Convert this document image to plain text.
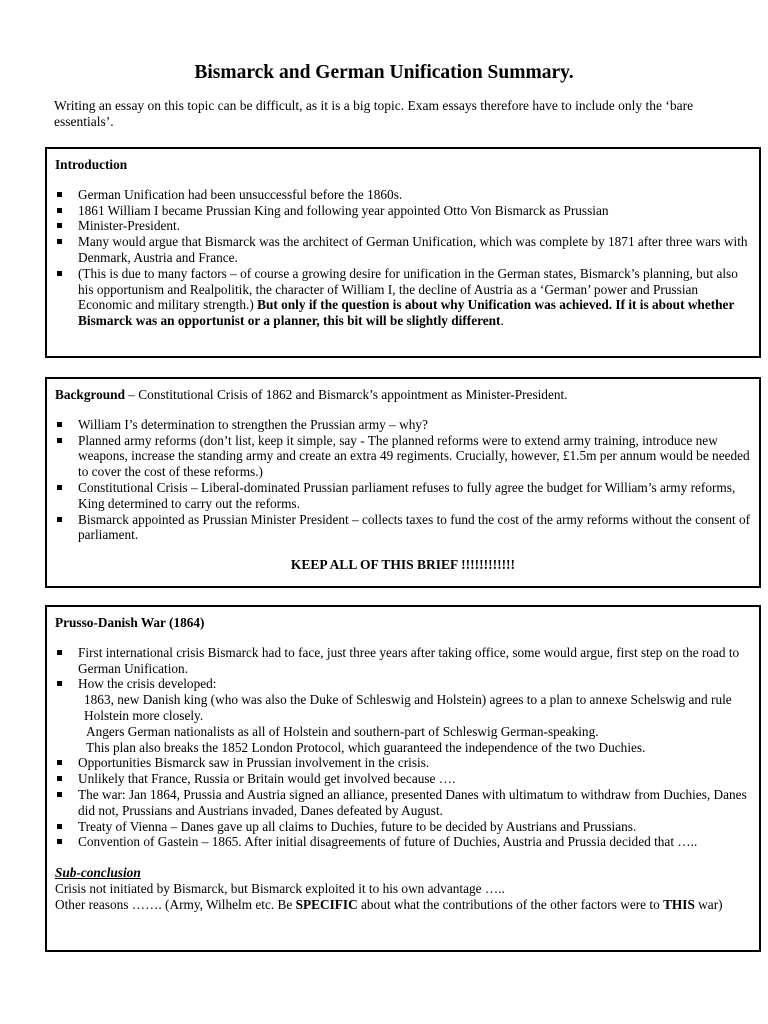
Bismarck and German Unification Summary.
Writing an essay on this topic can be difficult, as it is a big topic. Exam essays therefore have to include only the ‘bare essentials’.
Introduction
German Unification had been unsuccessful before the 1860s.
1861 William I became Prussian King and following year appointed Otto Von Bismarck as Prussian
Minister-President.
Many would argue that Bismarck was the architect of German Unification, which was complete by 1871 after three wars with Denmark, Austria and France.
(This is due to many factors – of course a growing desire for unification in the German states, Bismarck’s planning, but also his opportunism and Realpolitik, the character of William I, the decline of Austria as a ‘German’ power and Prussian Economic and military strength.) But only if the question is about why Unification was achieved. If it is about whether Bismarck was an opportunist or a planner, this bit will be slightly different.
Background – Constitutional Crisis of 1862 and Bismarck’s appointment as Minister-President.
William I’s determination to strengthen the Prussian army – why?
Planned army reforms (don’t list, keep it simple, say - The planned reforms were to extend army training, introduce new weapons, increase the standing army and create an extra 49 regiments. Crucially, however, £1.5m per annum would be needed to cover the cost of these reforms.)
Constitutional Crisis – Liberal-dominated Prussian parliament refuses to fully agree the budget for William’s army reforms, King determined to carry out the reforms.
Bismarck appointed as Prussian Minister President – collects taxes to fund the cost of the army reforms without the consent of parliament.
KEEP ALL OF THIS BRIEF !!!!!!!!!!!!
Prusso-Danish War (1864)
First international crisis Bismarck had to face, just three years after taking office, some would argue, first step on the road to German Unification.
How the crisis developed:
1863, new Danish king (who was also the Duke of Schleswig and Holstein) agrees to a plan to annexe Schelswig and rule Holstein more closely.
Angers German nationalists as all of Holstein and southern-part of Schleswig German-speaking.
This plan also breaks the 1852 London Protocol, which guaranteed the independence of the two Duchies.
Opportunities Bismarck saw in Prussian involvement in the crisis.
Unlikely that France, Russia or Britain would get involved because ….
The war: Jan 1864, Prussia and Austria signed an alliance, presented Danes with ultimatum to withdraw from Duchies, Danes did not, Prussians and Austrians invaded, Danes defeated by August.
Treaty of Vienna – Danes gave up all claims to Duchies, future to be decided by Austrians and Prussians.
Convention of Gastein – 1865. After initial disagreements of future of Duchies, Austria and Prussia decided that …..
Sub-conclusion
Crisis not initiated by Bismarck, but Bismarck exploited it to his own advantage …..
Other reasons ……. (Army, Wilhelm etc. Be SPECIFIC about what the contributions of the other factors were to THIS war)
